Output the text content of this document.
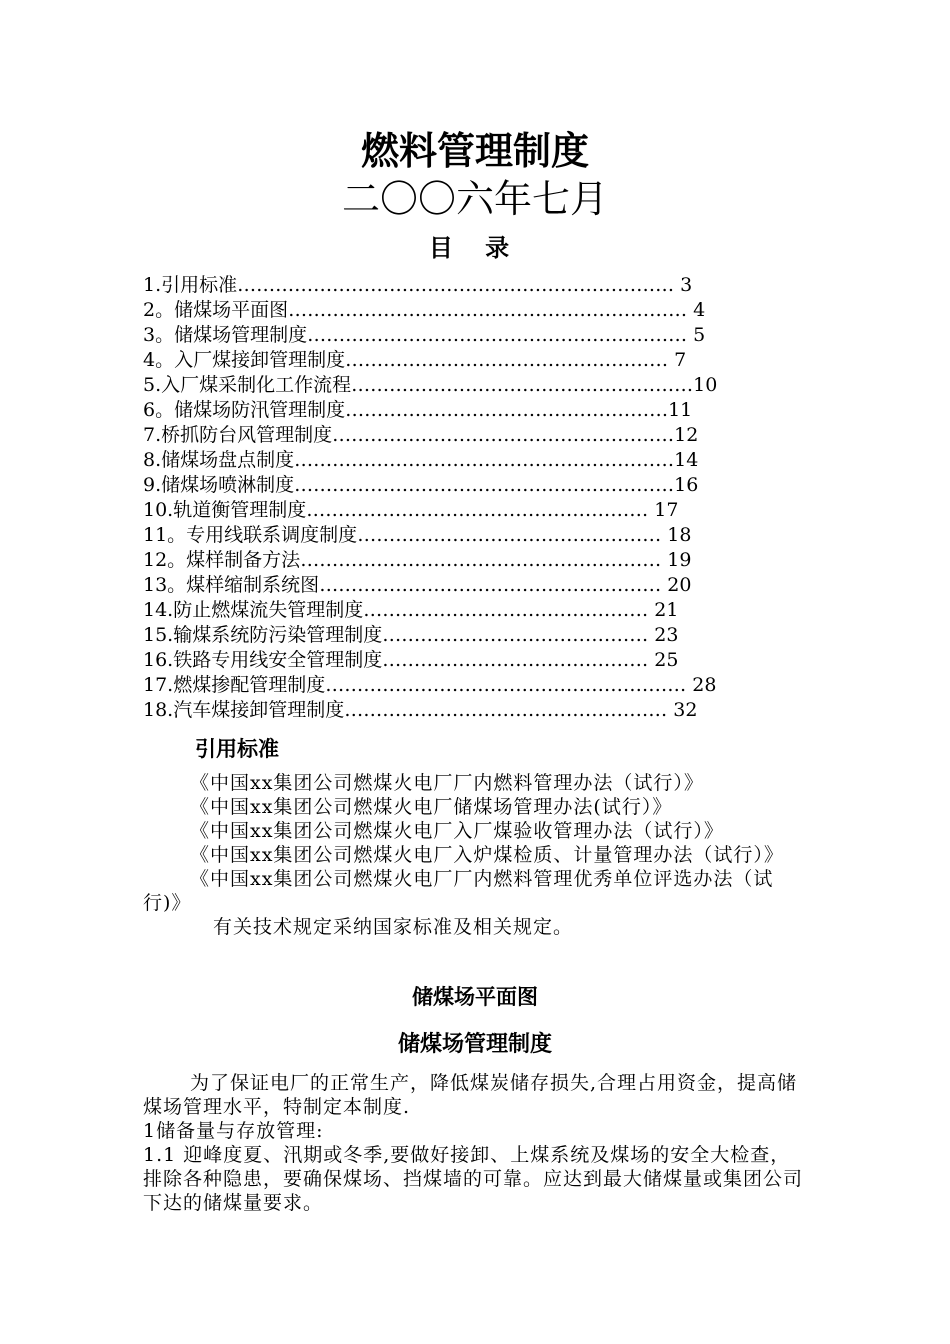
燃料管理制度
二〇〇六年七月
目 录
1.引用标准…………………………………………………………… 3
2。储煤场平面图……………………………………………………… 4
3。储煤场管理制度…………………………………………………… 5
4。入厂煤接卸管理制度…………………………………………… 7
5.入厂煤采制化工作流程………………………………………………10
6。储煤场防汛管理制度……………………………………………11
7.桥抓防台风管理制度………………………………………………12
8.储煤场盘点制度……………………………………………………14
9.储煤场喷淋制度……………………………………………………16
10.轨道衡管理制度……………………………………………… 17
11。专用线联系调度制度………………………………………… 18
12。煤样制备方法………………………………………………… 19
13。煤样缩制系统图……………………………………………… 20
14.防止燃煤流失管理制度……………………………………… 21
15.输煤系统防污染管理制度…………………………………… 23
16.铁路专用线安全管理制度…………………………………… 25
17.燃煤掺配管理制度………………………………………………… 28
18.汽车煤接卸管理制度…………………………………………… 32
引用标准
《中国xx集团公司燃煤火电厂厂内燃料管理办法（试行）》
《中国xx集团公司燃煤火电厂储煤场管理办法(试行）》
《中国xx集团公司燃煤火电厂入厂煤验收管理办法（试行）》
《中国xx集团公司燃煤火电厂入炉煤检质、计量管理办法（试行）》
《中国xx集团公司燃煤火电厂厂内燃料管理优秀单位评选办法（试行)》
有关技术规定采纳国家标准及相关规定。
储煤场平面图
储煤场管理制度
为了保证电厂的正常生产，降低煤炭储存损失,合理占用资金，提高储煤场管理水平，特制定本制度.
1储备量与存放管理:
1.1 迎峰度夏、汛期或冬季,要做好接卸、上煤系统及煤场的安全大检查，排除各种隐患，要确保煤场、挡煤墙的可靠。应达到最大储煤量或集团公司下达的储煤量要求。
